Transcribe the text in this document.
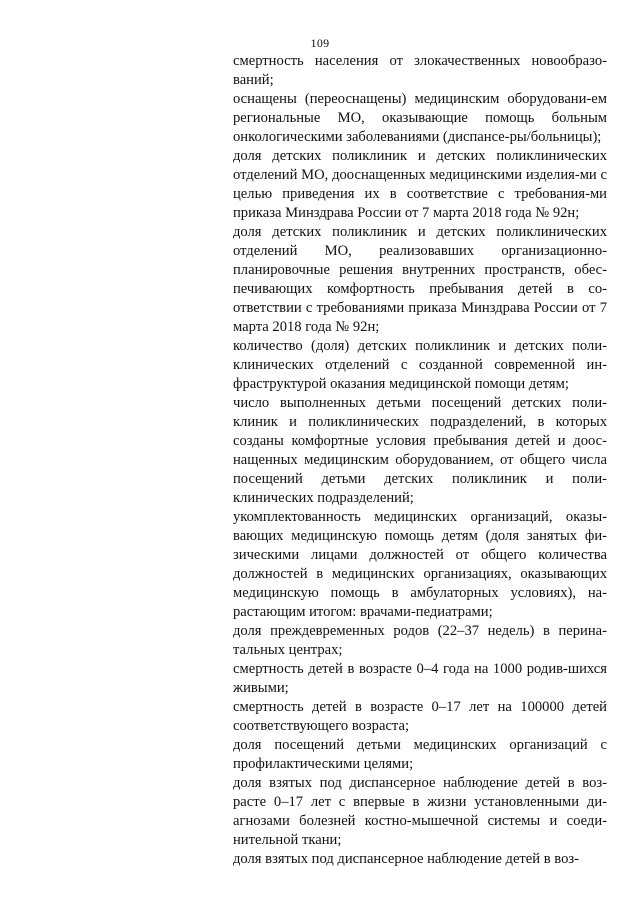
109

смертность населения от злокачественных новообразо-ваний;

оснащены (переоснащены) медицинским оборудовани-ем региональные МО, оказывающие помощь больным онкологическими заболеваниями (диспансе-ры/больницы);

доля детских поликлиник и детских поликлинических отделений МО, дооснащенных медицинскими изделия-ми с целью приведения их в соответствие с требования-ми приказа Минздрава России от 7 марта 2018 года № 92н;

доля детских поликлиник и детских поликлинических отделений МО, реализовавших организационно-планировочные решения внутренних пространств, обес-печивающих комфортность пребывания детей в со-ответствии с требованиями приказа Минздрава России от 7 марта 2018 года № 92н;

количество (доля) детских поликлиник и детских поли-клинических отделений с созданной современной ин-фраструктурой оказания медицинской помощи детям;

число выполненных детьми посещений детских поли-клиник и поликлинических подразделений, в которых созданы комфортные условия пребывания детей и доос-нащенных медицинским оборудованием, от общего числа посещений детьми детских поликлиник и поли-клинических подразделений;

укомплектованность медицинских организаций, оказы-вающих медицинскую помощь детям (доля занятых фи-зическими лицами должностей от общего количества должностей в медицинских организациях, оказывающих медицинскую помощь в амбулаторных условиях), на-растающим итогом: врачами-педиатрами;

доля преждевременных родов (22–37 недель) в перина-тальных центрах;

смертность детей в возрасте 0–4 года на 1000 родив-шихся живыми;

смертность детей в возрасте 0–17 лет на 100000 детей соответствующего возраста;

доля посещений детьми медицинских организаций с профилактическими целями;

доля взятых под диспансерное наблюдение детей в воз-расте 0–17 лет с впервые в жизни установленными ди-агнозами болезней костно-мышечной системы и соеди-нительной ткани;

доля взятых под диспансерное наблюдение детей в воз-
